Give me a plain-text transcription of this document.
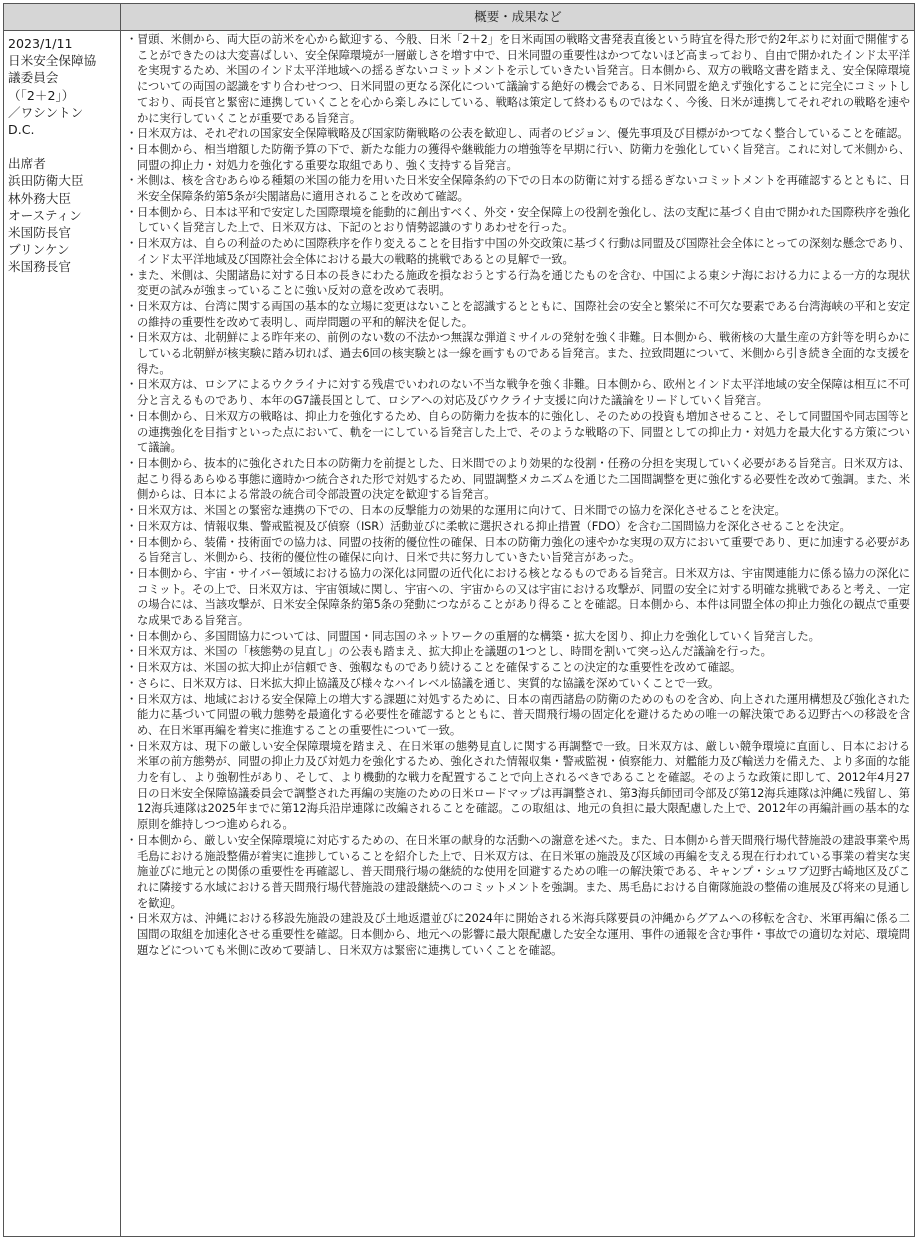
概要・成果など
2023/1/11
日米安全保障協
議委員会
（「2＋2」）
／ワシントン
D.C.
出席者
浜田防衛大臣
林外務大臣
オースティン
米国防長官
ブリンケン
米国務長官
・ 冒頭、米側から、両大臣の訪米を心から歓迎する、今般、日米「2＋2」を日米両国の戦略文書発表直後という時宜を得た形で約2年ぶりに対面で開催することができたのは大変喜ばしい、安全保障環境が一層厳しさを増す中で、日米同盟の重要性はかつてないほど高まっており、自由で開かれたインド太平洋を実現するため、米国のインド太平洋地域への揺るぎないコミットメントを示していきたい旨発言。日本側から、双方の戦略文書を踏まえ、安全保障環境についての両国の認識をすり合わせつつ、日米同盟の更なる深化について議論する絶好の機会である、日米同盟を絶えず強化することに完全にコミットしており、両長官と緊密に連携していくことを心から楽しみにしている、戦略は策定して終わるものではなく、今後、日米が連携してそれぞれの戦略を速やかに実行していくことが重要である旨発言。
・ 日米双方は、それぞれの国家安全保障戦略及び国家防衛戦略の公表を歓迎し、両者のビジョン、優先事項及び目標がかつてなく整合していることを確認。
・ 日本側から、相当増額した防衛予算の下で、新たな能力の獲得や継戦能力の増強等を早期に行い、防衛力を強化していく旨発言。これに対して米側から、同盟の抑止力・対処力を強化する重要な取組であり、強く支持する旨発言。
・ 米側は、核を含むあらゆる種類の米国の能力を用いた日米安全保障条約の下での日本の防衛に対する揺るぎないコミットメントを再確認するとともに、日米安全保障条約第5条が尖閣諸島に適用されることを改めて確認。
・ 日本側から、日本は平和で安定した国際環境を能動的に創出すべく、外交・安全保障上の役割を強化し、法の支配に基づく自由で開かれた国際秩序を強化していく旨発言した上で、日米双方は、下記のとおり情勢認識のすりあわせを行った。
・ 日米双方は、自らの利益のために国際秩序を作り変えることを目指す中国の外交政策に基づく行動は同盟及び国際社会全体にとっての深刻な懸念であり、インド太平洋地域及び国際社会全体における最大の戦略的挑戦であるとの見解で一致。
・ また、米側は、尖閣諸島に対する日本の長きにわたる施政を損なおうとする行為を通じたものを含む、中国による東シナ海における力による一方的な現状変更の試みが強まっていることに強い反対の意を改めて表明。
・ 日米双方は、台湾に関する両国の基本的な立場に変更はないことを認識するとともに、国際社会の安全と繁栄に不可欠な要素である台湾海峡の平和と安定の維持の重要性を改めて表明し、両岸問題の平和的解決を促した。
・ 日米双方は、北朝鮮による昨年来の、前例のない数の不法かつ無謀な弾道ミサイルの発射を強く非難。日本側から、戦術核の大量生産の方針等を明らかにしている北朝鮮が核実験に踏み切れば、過去6回の核実験とは一線を画すものである旨発言。また、拉致問題について、米側から引き続き全面的な支援を得た。
・ 日米双方は、ロシアによるウクライナに対する残虐でいわれのない不当な戦争を強く非難。日本側から、欧州とインド太平洋地域の安全保障は相互に不可分と言えるものであり、本年のG7議長国として、ロシアへの対応及びウクライナ支援に向けた議論をリードしていく旨発言。
・ 日本側から、日米双方の戦略は、抑止力を強化するため、自らの防衛力を抜本的に強化し、そのための投資も増加させること、そして同盟国や同志国等との連携強化を目指すといった点において、軌を一にしている旨発言した上で、そのような戦略の下、同盟としての抑止力・対処力を最大化する方策について議論。
・ 日本側から、抜本的に強化された日本の防衛力を前提とした、日米間でのより効果的な役割・任務の分担を実現していく必要がある旨発言。日米双方は、起こり得るあらゆる事態に適時かつ統合された形で対処するため、同盟調整メカニズムを通じた二国間調整を更に強化する必要性を改めて強調。また、米側からは、日本による常設の統合司令部設置の決定を歓迎する旨発言。
・ 日米双方は、米国との緊密な連携の下での、日本の反撃能力の効果的な運用に向けて、日米間での協力を深化させることを決定。
・ 日米双方は、情報収集、警戒監視及び偵察（ISR）活動並びに柔軟に選択される抑止措置（FDO）を含む二国間協力を深化させることを決定。
・ 日本側から、装備・技術面での協力は、同盟の技術的優位性の確保、日本の防衛力強化の速やかな実現の双方において重要であり、更に加速する必要がある旨発言し、米側から、技術的優位性の確保に向け、日米で共に努力していきたい旨発言があった。
・ 日本側から、宇宙・サイバー領域における協力の深化は同盟の近代化における核となるものである旨発言。日米双方は、宇宙関連能力に係る協力の深化にコミット。その上で、日米双方は、宇宙領域に関し、宇宙への、宇宙からの又は宇宙における攻撃が、同盟の安全に対する明確な挑戦であると考え、一定の場合には、当該攻撃が、日米安全保障条約第5条の発動につながることがあり得ることを確認。日本側から、本件は同盟全体の抑止力強化の観点で重要な成果である旨発言。
・ 日本側から、多国間協力については、同盟国・同志国のネットワークの重層的な構築・拡大を図り、抑止力を強化していく旨発言した。
・ 日米双方は、米国の「核態勢の見直し」の公表も踏まえ、拡大抑止を議題の1つとし、時間を割いて突っ込んだ議論を行った。
・ 日米双方は、米国の拡大抑止が信頼でき、強靱なものであり続けることを確保することの決定的な重要性を改めて確認。
・ さらに、日米双方は、日米拡大抑止協議及び様々なハイレベル協議を通じ、実質的な協議を深めていくことで一致。
・ 日米双方は、地域における安全保障上の増大する課題に対処するために、日本の南西諸島の防衛のためのものを含め、向上された運用構想及び強化された能力に基づいて同盟の戦力態勢を最適化する必要性を確認するとともに、普天間飛行場の固定化を避けるための唯一の解決策である辺野古への移設を含め、在日米軍再編を着実に推進することの重要性について一致。
・ 日米双方は、現下の厳しい安全保障環境を踏まえ、在日米軍の態勢見直しに関する再調整で一致。日米双方は、厳しい競争環境に直面し、日本における米軍の前方態勢が、同盟の抑止力及び対処力を強化するため、強化された情報収集・警戒監視・偵察能力、対艦能力及び輸送力を備えた、より多面的な能力を有し、より強靭性があり、そして、より機動的な戦力を配置することで向上されるべきであることを確認。そのような政策に即して、2012年4月27日の日米安全保障協議委員会で調整された再編の実施のための日米ロードマップは再調整され、第3海兵師団司令部及び第12海兵連隊は沖縄に残留し、第12海兵連隊は2025年までに第12海兵沿岸連隊に改編されることを確認。この取組は、地元の負担に最大限配慮した上で、2012年の再編計画の基本的な原則を維持しつつ進められる。
・ 日本側から、厳しい安全保障環境に対応するための、在日米軍の献身的な活動への謝意を述べた。また、日本側から普天間飛行場代替施設の建設事業や馬毛島における施設整備が着実に進捗していることを紹介した上で、日米双方は、在日米軍の施設及び区域の再編を支える現在行われている事業の着実な実施並びに地元との関係の重要性を再確認し、普天間飛行場の継続的な使用を回避するための唯一の解決策である、キャンプ・シュワブ辺野古崎地区及びこれに隣接する水域における普天間飛行場代替施設の建設継続へのコミットメントを強調。また、馬毛島における自衛隊施設の整備の進展及び将来の見通しを歓迎。
・ 日米双方は、沖縄における移設先施設の建設及び土地返還並びに2024年に開始される米海兵隊要員の沖縄からグアムへの移転を含む、米軍再編に係る二国間の取組を加速化させる重要性を確認。日本側から、地元への影響に最大限配慮した安全な運用、事件の通報を含む事件・事故での適切な対応、環境問題などについても米側に改めて要請し、日米双方は緊密に連携していくことを確認。
